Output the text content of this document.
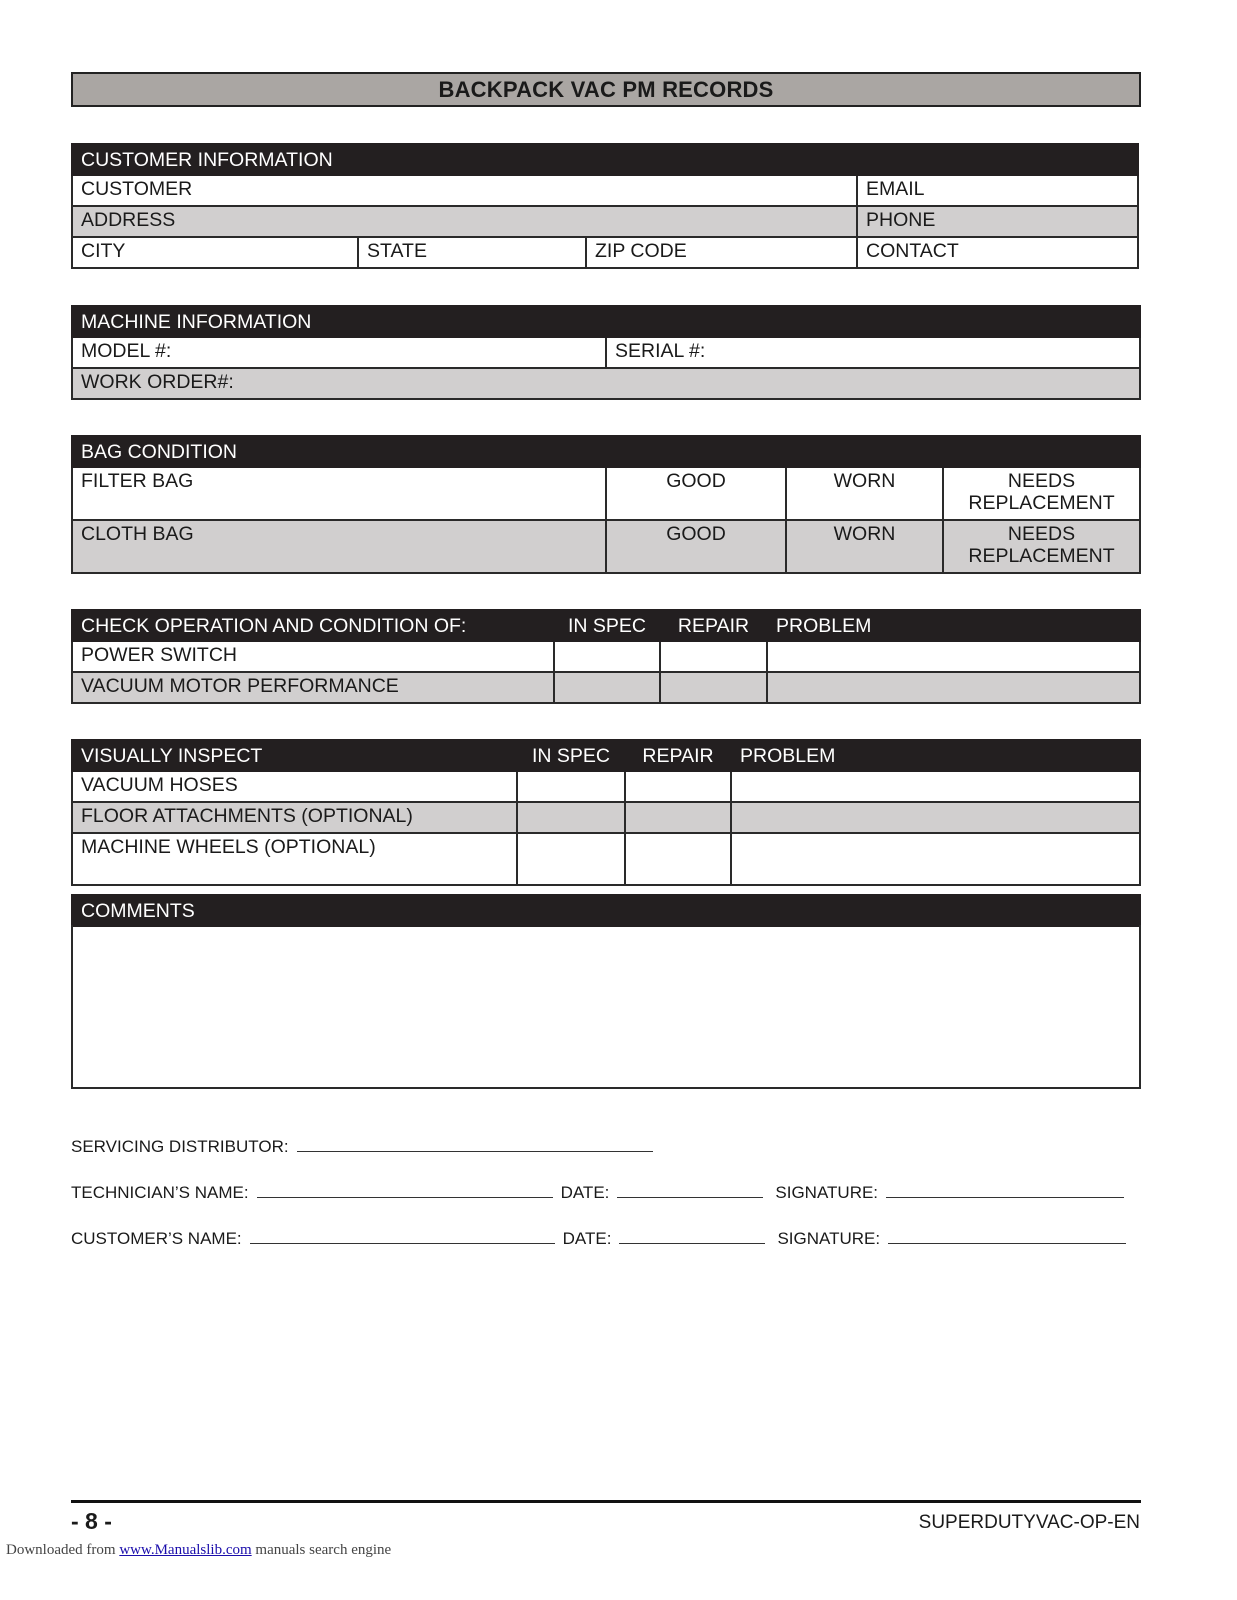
BACKPACK VAC PM RECORDS
CUSTOMER INFORMATION			
CUSTOMER			EMAIL
ADDRESS			PHONE
CITY	STATE	ZIP CODE	CONTACT
MACHINE INFORMATION
MODEL #:	SERIAL #:
WORK ORDER#:
BAG CONDITION			
FILTER BAG	GOOD	WORN	NEEDS REPLACEMENT
CLOTH BAG	GOOD	WORN	NEEDS REPLACEMENT
CHECK OPERATION AND CONDITION OF:	IN SPEC	REPAIR	PROBLEM
POWER SWITCH			
VACUUM MOTOR PERFORMANCE			
VISUALLY INSPECT	IN SPEC	REPAIR	PROBLEM
VACUUM HOSES			
FLOOR ATTACHMENTS (OPTIONAL)			
MACHINE WHEELS (OPTIONAL)			
COMMENTS
SERVICING DISTRIBUTOR:
TECHNICIAN’S NAME:	DATE:	SIGNATURE:
CUSTOMER’S NAME:	DATE:	SIGNATURE:
- 8 -	SUPERDUTYVAC-OP-EN
Downloaded from www.Manualslib.com manuals search engine
